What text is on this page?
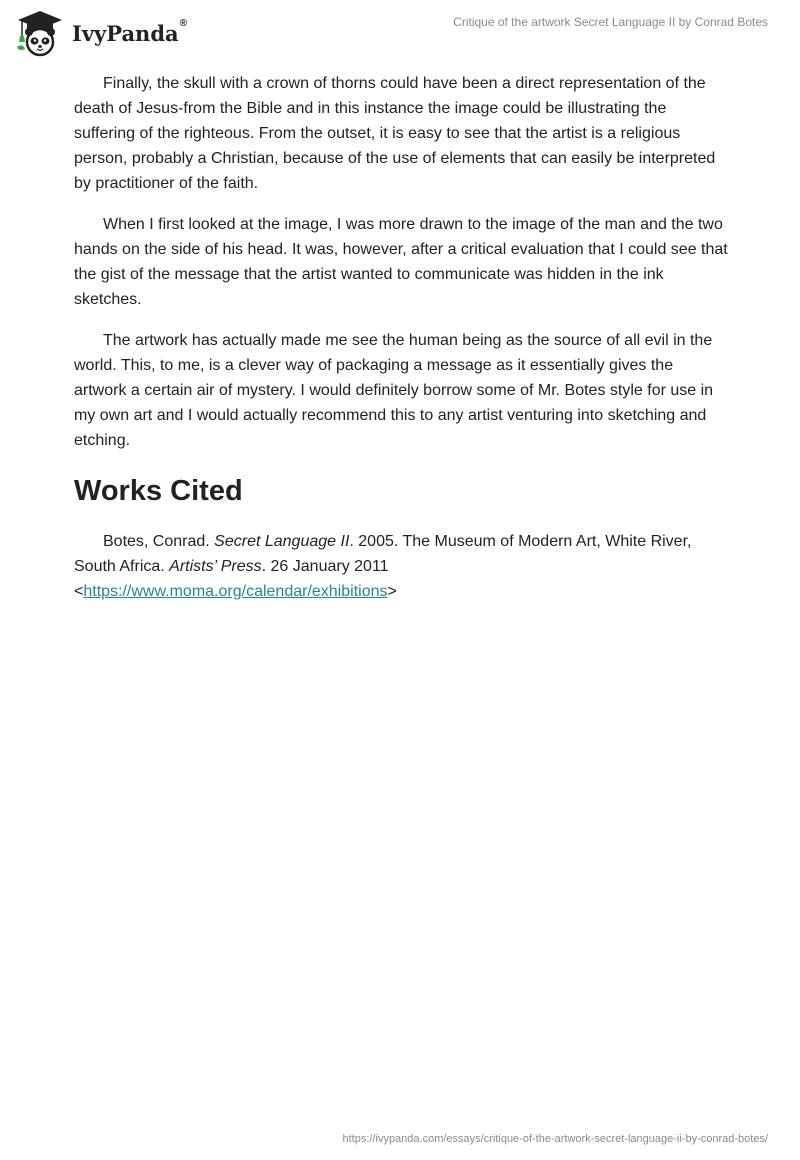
IvyPanda®	Critique of the artwork Secret Language II by Conrad Botes

Finally, the skull with a crown of thorns could have been a direct representation of the death of Jesus-from the Bible and in this instance the image could be illustrating the suffering of the righteous. From the outset, it is easy to see that the artist is a religious person, probably a Christian, because of the use of elements that can easily be interpreted by practitioner of the faith.

When I first looked at the image, I was more drawn to the image of the man and the two hands on the side of his head. It was, however, after a critical evaluation that I could see that the gist of the message that the artist wanted to communicate was hidden in the ink sketches.

The artwork has actually made me see the human being as the source of all evil in the world. This, to me, is a clever way of packaging a message as it essentially gives the artwork a certain air of mystery. I would definitely borrow some of Mr. Botes style for use in my own art and I would actually recommend this to any artist venturing into sketching and etching.

Works Cited

Botes, Conrad. Secret Language II. 2005. The Museum of Modern Art, White River, South Africa. Artists’ Press. 26 January 2011
<https://www.moma.org/calendar/exhibitions>

https://ivypanda.com/essays/critique-of-the-artwork-secret-language-ii-by-conrad-botes/
